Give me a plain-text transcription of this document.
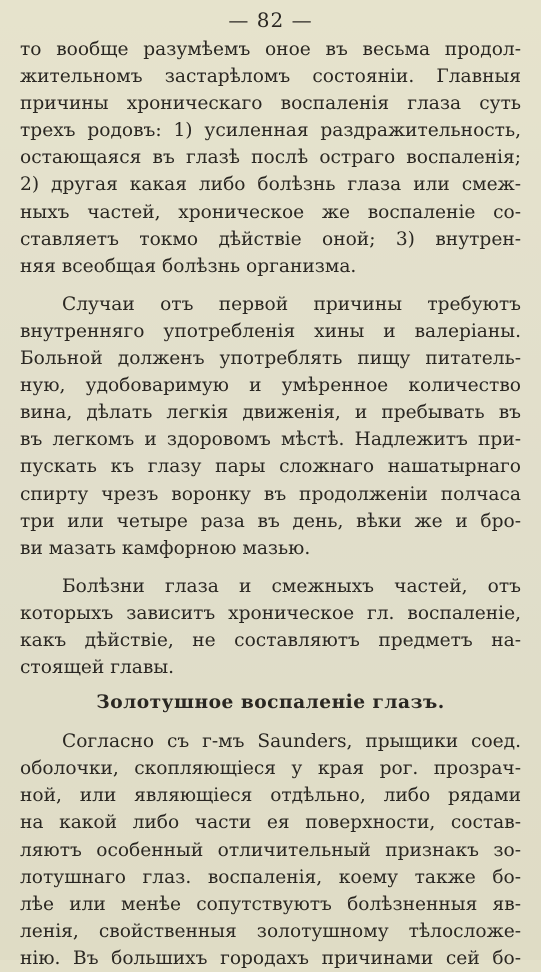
— 82 —
то вообще разумѣемъ оное въ весьма продол-
жительномъ застарѣломъ состояніи. Главныя
причины хроническаго воспаленія глаза суть
трехъ родовъ: 1) усиленная раздражительность,
остающаяся въ глазѣ послѣ остраго воспаленія;
2) другая какая либо болѣзнь глаза или смеж-
ныхъ частей, хроническое же воспаленіе со-
ставляетъ токмо дѣйствіе оной; 3) внутрен-
няя всеобщая болѣзнь организма.
Случаи отъ первой причины требуютъ
внутренняго употребленія хины и валеріаны.
Больной долженъ употреблять пищу питатель-
ную, удобоваримую и умѣренное количество
вина, дѣлать легкія движенія, и пребывать въ
въ легкомъ и здоровомъ мѣстѣ. Надлежитъ при-
пускать къ глазу пары сложнаго нашатырнаго
спирту чрезъ воронку въ продолженіи полчаса
три или четыре раза въ день, вѣки же и бро-
ви мазать камфорною мазью.
Болѣзни глаза и смежныхъ частей, отъ
которыхъ зависитъ хроническое гл. воспаленіе,
какъ дѣйствіе, не составляютъ предметъ на-
стоящей главы.
Золотушное воспаленіе глазъ.
Согласно съ г-мъ Saunders, прыщики соед.
оболочки, скопляющіеся у края рог. прозрач-
ной, или являющіеся отдѣльно, либо рядами
на какой либо части ея поверхности, состав-
ляютъ особенный отличительный признакъ зо-
лотушнаго глаз. воспаленія, коему также бо-
лѣе или менѣе сопутствуютъ болѣзненныя яв-
ленія, свойственныя золотушному тѣлосложе-
нію. Въ большихъ городахъ причинами сей бо-
